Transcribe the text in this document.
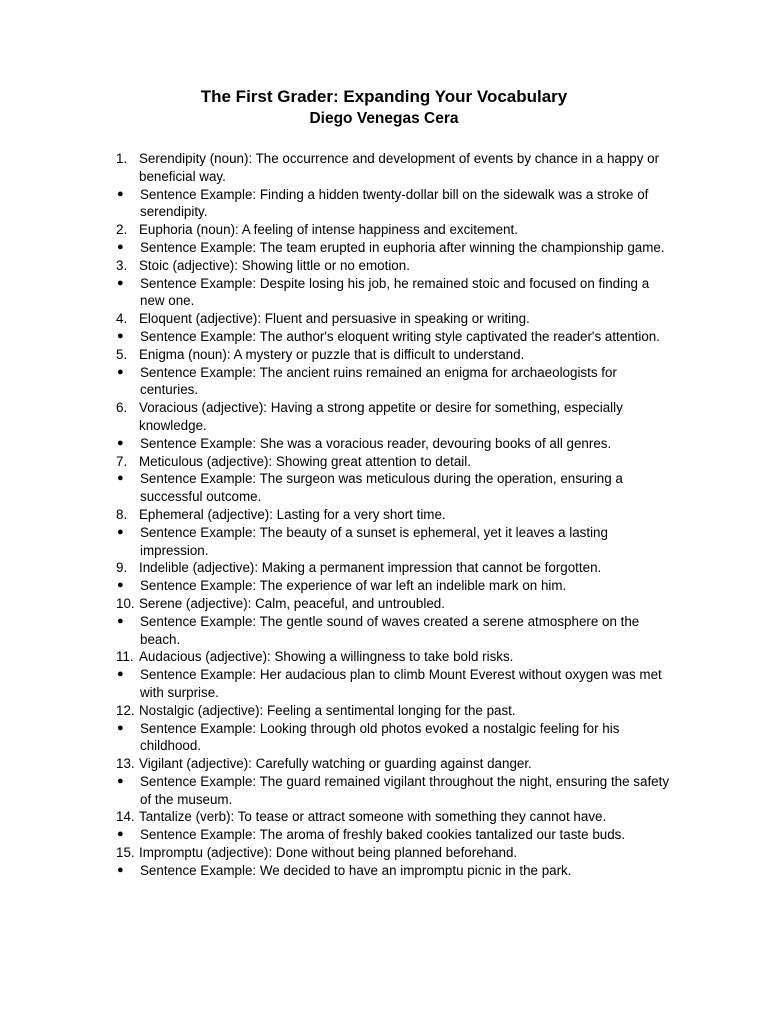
The First Grader: Expanding Your Vocabulary
Diego Venegas Cera
1. Serendipity (noun): The occurrence and development of events by chance in a happy or beneficial way.
●	Sentence Example: Finding a hidden twenty-dollar bill on the sidewalk was a stroke of serendipity.
2. Euphoria (noun): A feeling of intense happiness and excitement.
●	Sentence Example: The team erupted in euphoria after winning the championship game.
3. Stoic (adjective): Showing little or no emotion.
●	Sentence Example: Despite losing his job, he remained stoic and focused on finding a new one.
4. Eloquent (adjective): Fluent and persuasive in speaking or writing.
●	Sentence Example: The author's eloquent writing style captivated the reader's attention.
5. Enigma (noun): A mystery or puzzle that is difficult to understand.
●	Sentence Example: The ancient ruins remained an enigma for archaeologists for centuries.
6. Voracious (adjective): Having a strong appetite or desire for something, especially knowledge.
●	Sentence Example: She was a voracious reader, devouring books of all genres.
7. Meticulous (adjective): Showing great attention to detail.
●	Sentence Example: The surgeon was meticulous during the operation, ensuring a successful outcome.
8. Ephemeral (adjective): Lasting for a very short time.
●	Sentence Example: The beauty of a sunset is ephemeral, yet it leaves a lasting impression.
9. Indelible (adjective): Making a permanent impression that cannot be forgotten.
●	Sentence Example: The experience of war left an indelible mark on him.
10. Serene (adjective): Calm, peaceful, and untroubled.
●	Sentence Example: The gentle sound of waves created a serene atmosphere on the beach.
11. Audacious (adjective): Showing a willingness to take bold risks.
●	Sentence Example: Her audacious plan to climb Mount Everest without oxygen was met with surprise.
12. Nostalgic (adjective): Feeling a sentimental longing for the past.
●	Sentence Example: Looking through old photos evoked a nostalgic feeling for his childhood.
13. Vigilant (adjective): Carefully watching or guarding against danger.
●	Sentence Example: The guard remained vigilant throughout the night, ensuring the safety of the museum.
14. Tantalize (verb): To tease or attract someone with something they cannot have.
●	Sentence Example: The aroma of freshly baked cookies tantalized our taste buds.
15. Impromptu (adjective): Done without being planned beforehand.
●	Sentence Example: We decided to have an impromptu picnic in the park.
